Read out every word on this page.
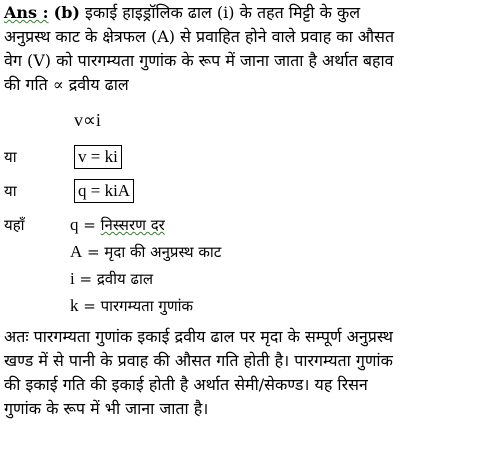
Ans : (b) इकाई हाइड्रॉलिक ढाल (i) के तहत मिट्टी के कुल
अनुप्रस्थ काट के क्षेत्रफल (A) से प्रवाहित होने वाले प्रवाह का औसत
वेग (V) को पारगम्यता गुणांक के रूप में जाना जाता है अर्थात बहाव
की गति ∝ द्रवीय ढाल
v∝i
या	v = ki
या	q = kiA
यहाँ	q = निस्सरण दर
A = मृदा की अनुप्रस्थ काट
i = द्रवीय ढाल
k = पारगम्यता गुणांक
अतः पारगम्यता गुणांक इकाई द्रवीय ढाल पर मृदा के सम्पूर्ण अनुप्रस्थ
खण्ड में से पानी के प्रवाह की औसत गति होती है। पारगम्यता गुणांक
की इकाई गति की इकाई होती है अर्थात सेमी/सेकण्ड। यह रिसन
गुणांक के रूप में भी जाना जाता है।
